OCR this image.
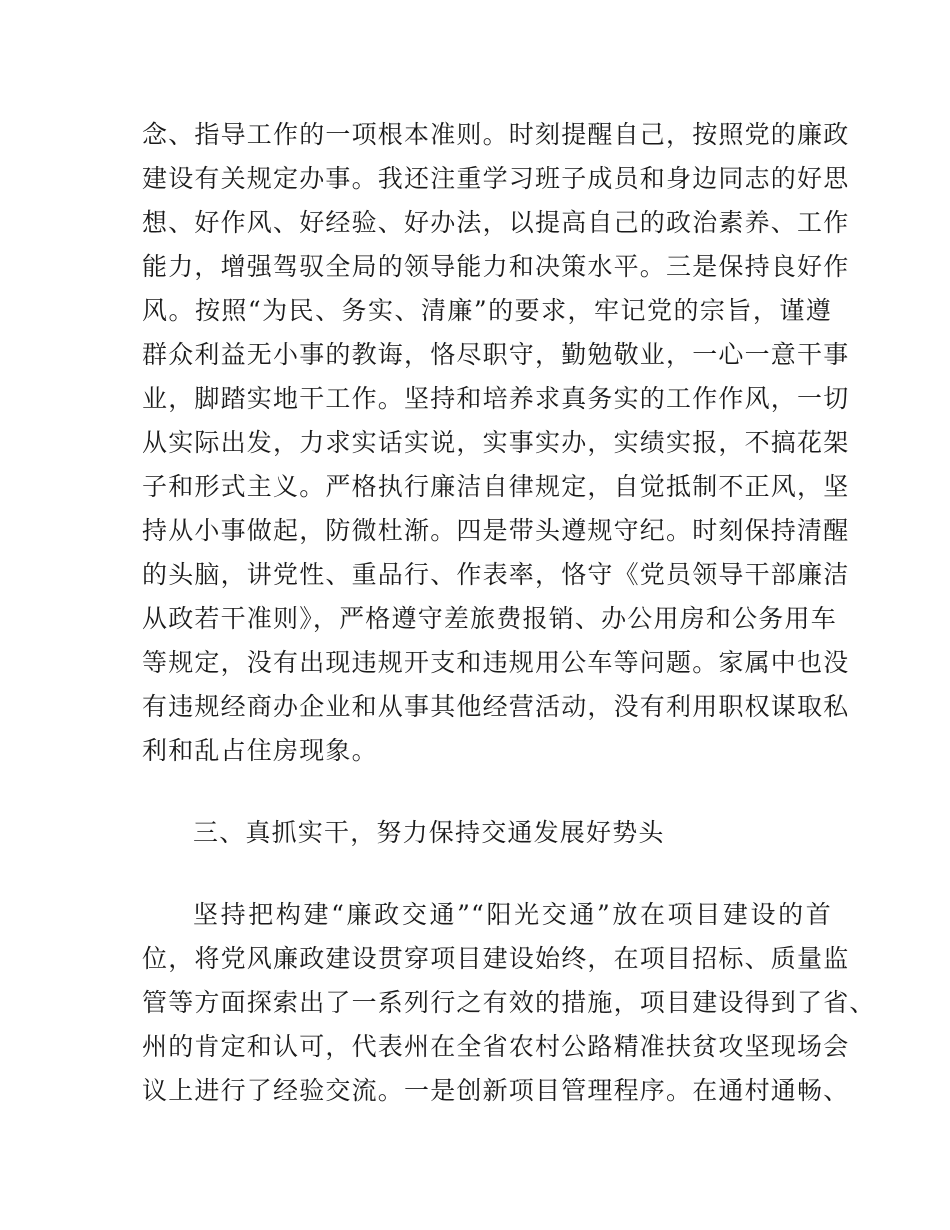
念、指导工作的一项根本准则。时刻提醒自己，按照党的廉政
建设有关规定办事。我还注重学习班子成员和身边同志的好思
想、好作风、好经验、好办法，以提高自己的政治素养、工作
能力，增强驾驭全局的领导能力和决策水平。三是保持良好作
风。按照“为民、务实、清廉”的要求，牢记党的宗旨，谨遵
群众利益无小事的教诲，恪尽职守，勤勉敬业，一心一意干事
业，脚踏实地干工作。坚持和培养求真务实的工作作风，一切
从实际出发，力求实话实说，实事实办，实绩实报，不搞花架
子和形式主义。严格执行廉洁自律规定，自觉抵制不正风，坚
持从小事做起，防微杜渐。四是带头遵规守纪。时刻保持清醒
的头脑，讲党性、重品行、作表率，恪守《党员领导干部廉洁
从政若干准则》，严格遵守差旅费报销、办公用房和公务用车
等规定，没有出现违规开支和违规用公车等问题。家属中也没
有违规经商办企业和从事其他经营活动，没有利用职权谋取私
利和乱占住房现象。
三、真抓实干，努力保持交通发展好势头
坚持把构建“廉政交通”“阳光交通”放在项目建设的首
位，将党风廉政建设贯穿项目建设始终，在项目招标、质量监
管等方面探索出了一系列行之有效的措施，项目建设得到了省、
州的肯定和认可，代表州在全省农村公路精准扶贫攻坚现场会
议上进行了经验交流。一是创新项目管理程序。在通村通畅、
